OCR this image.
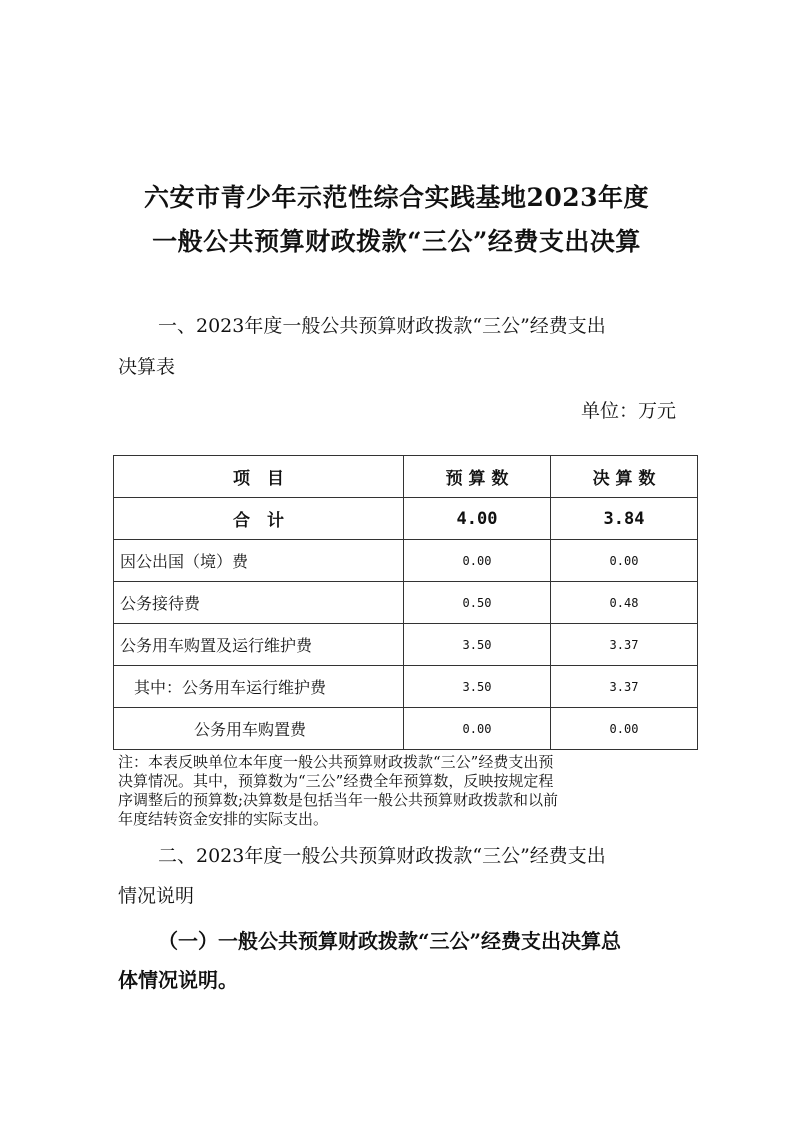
六安市青少年示范性综合实践基地2023年度
一般公共预算财政拨款“三公”经费支出决算
一、2023年度一般公共预算财政拨款“三公”经费支出
决算表
单位：万元
项　目	预 算 数	决 算 数
合　计	4.00	3.84
因公出国（境）费	0.00	0.00
公务接待费	0.50	0.48
公务用车购置及运行维护费	3.50	3.37
其中：公务用车运行维护费	3.50	3.37
公务用车购置费	0.00	0.00
注：本表反映单位本年度一般公共预算财政拨款“三公”经费支出预
决算情况。其中，预算数为“三公”经费全年预算数，反映按规定程
序调整后的预算数;决算数是包括当年一般公共预算财政拨款和以前
年度结转资金安排的实际支出。
二、2023年度一般公共预算财政拨款“三公”经费支出
情况说明
（一）一般公共预算财政拨款“三公”经费支出决算总
体情况说明。
